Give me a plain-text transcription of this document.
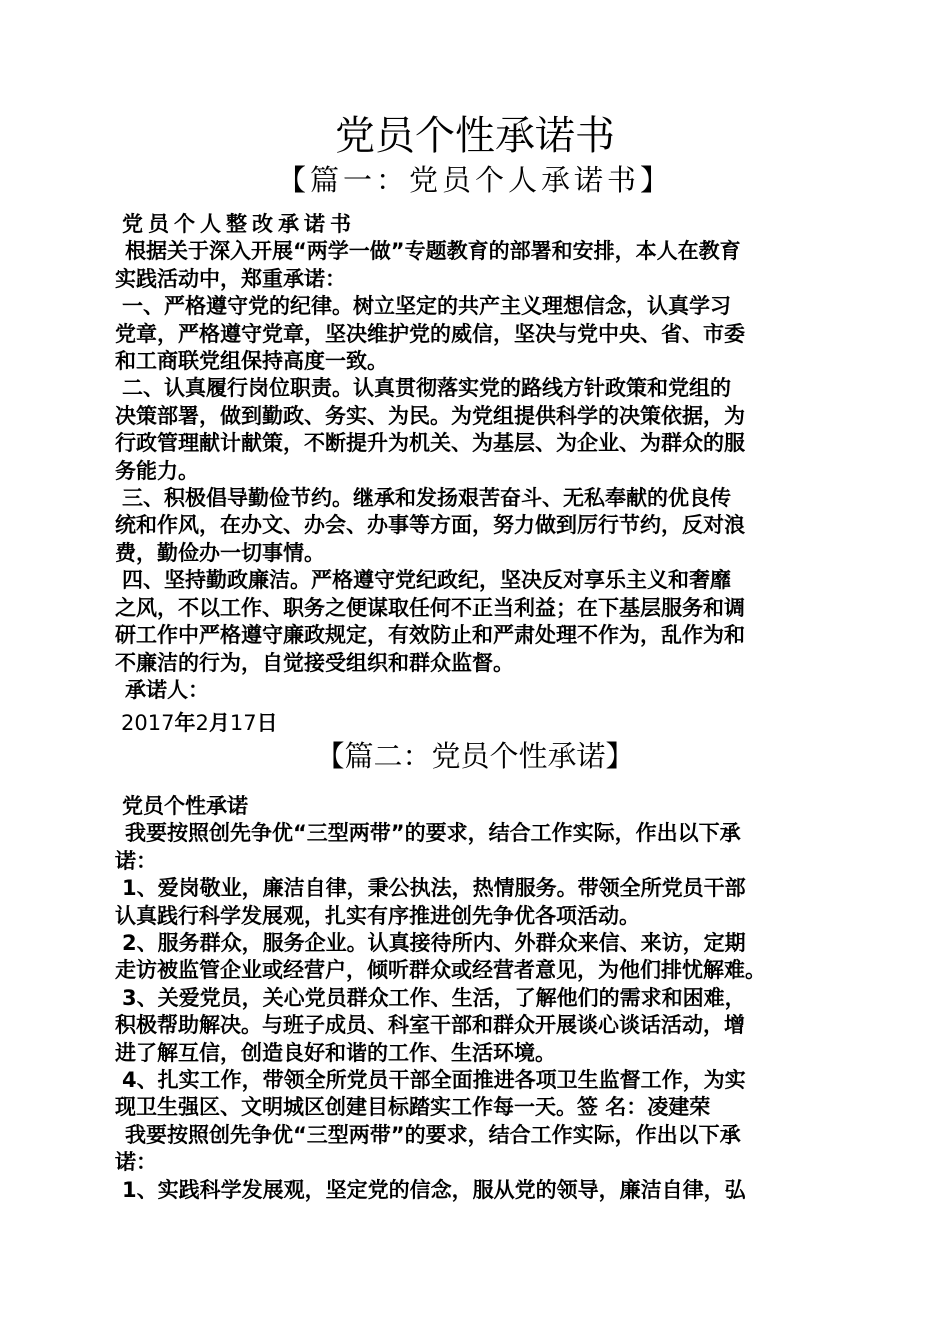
党员个性承诺书
【篇一：党员个人承诺书】

党员个人整改承诺书

根据关于深入开展“两学一做”专题教育的部署和安排，本人在教育

实践活动中，郑重承诺：

一、严格遵守党的纪律。树立坚定的共产主义理想信念，认真学习

党章，严格遵守党章，坚决维护党的威信，坚决与党中央、省、市委

和工商联党组保持高度一致。

二、认真履行岗位职责。认真贯彻落实党的路线方针政策和党组的

决策部署，做到勤政、务实、为民。为党组提供科学的决策依据，为

行政管理献计献策，不断提升为机关、为基层、为企业、为群众的服

务能力。

三、积极倡导勤俭节约。继承和发扬艰苦奋斗、无私奉献的优良传

统和作风，在办文、办会、办事等方面，努力做到厉行节约，反对浪

费，勤俭办一切事情。

四、坚持勤政廉洁。严格遵守党纪政纪，坚决反对享乐主义和奢靡

之风，不以工作、职务之便谋取任何不正当利益；在下基层服务和调

研工作中严格遵守廉政规定，有效防止和严肃处理不作为，乱作为和

不廉洁的行为，自觉接受组织和群众监督。

承诺人：

2017年2月17日
【篇二：党员个性承诺】

党员个性承诺

我要按照创先争优“三型两带”的要求，结合工作实际，作出以下承

诺：

1、爱岗敬业，廉洁自律，秉公执法，热情服务。带领全所党员干部

认真践行科学发展观，扎实有序推进创先争优各项活动。

2、服务群众，服务企业。认真接待所内、外群众来信、来访，定期

走访被监管企业或经营户，倾听群众或经营者意见，为他们排忧解难。

3、关爱党员，关心党员群众工作、生活，了解他们的需求和困难，

积极帮助解决。与班子成员、科室干部和群众开展谈心谈话活动，增

进了解互信，创造良好和谐的工作、生活环境。

4、扎实工作，带领全所党员干部全面推进各项卫生监督工作，为实

现卫生强区、文明城区创建目标踏实工作每一天。签 名：凌建荣

我要按照创先争优“三型两带”的要求，结合工作实际，作出以下承

诺：

1、实践科学发展观，坚定党的信念，服从党的领导，廉洁自律，弘
